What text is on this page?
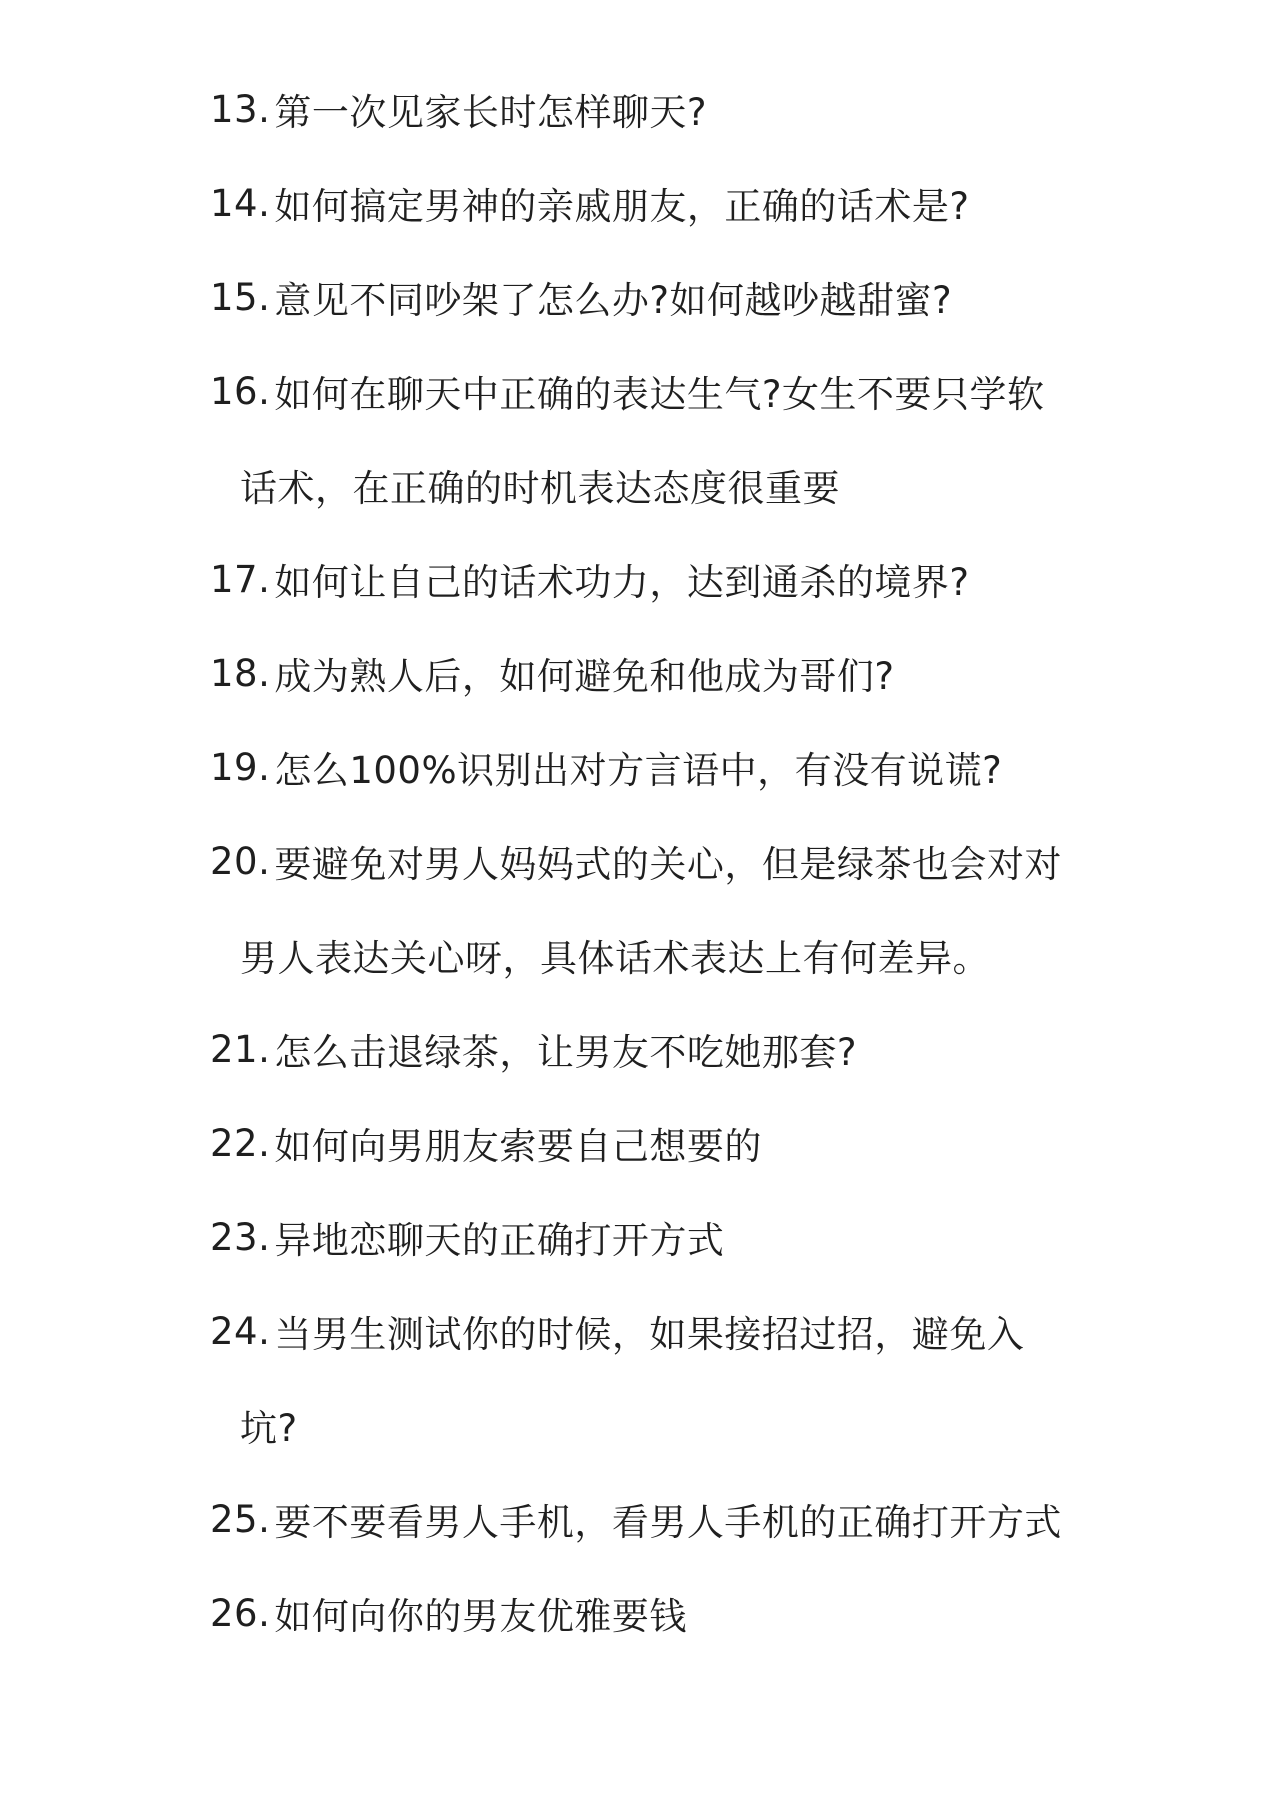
13. 第一次见家长时怎样聊天?
14. 如何搞定男神的亲戚朋友，正确的话术是?
15. 意见不同吵架了怎么办?如何越吵越甜蜜?
16. 如何在聊天中正确的表达生气?女生不要只学软
话术，在正确的时机表达态度很重要
17. 如何让自己的话术功力，达到通杀的境界?
18. 成为熟人后，如何避免和他成为哥们?
19. 怎么100%识别出对方言语中，有没有说谎?
20. 要避免对男人妈妈式的关心，但是绿茶也会对对
男人表达关心呀，具体话术表达上有何差异。
21. 怎么击退绿茶，让男友不吃她那套?
22. 如何向男朋友索要自己想要的
23. 异地恋聊天的正确打开方式
24. 当男生测试你的时候，如果接招过招，避免入
坑?
25. 要不要看男人手机，看男人手机的正确打开方式
26. 如何向你的男友优雅要钱
